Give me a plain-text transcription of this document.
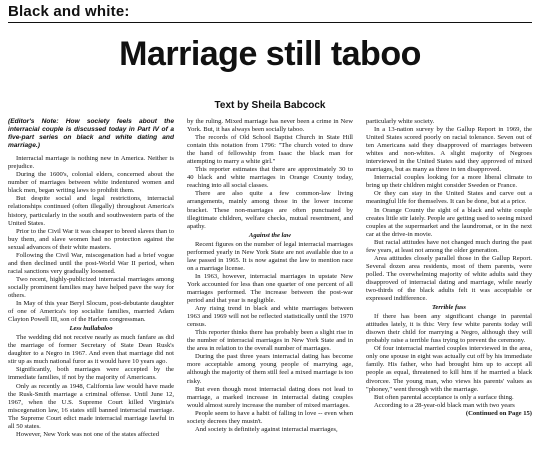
Black and white:
Marriage still taboo
Text by Sheila Babcock

(Editor's Note: How society feels about the interracial couple is discussed today in Part IV of a five-part series on black and white dating and marriage.)

Interracial marriage is nothing new in America. Neither is prejudice.

During the 1600's, colonial elders, concerned about the number of marriages between white indentured women and black men, began writing laws to prohibit them.

But despite social and legal restrictions, interracial relationships continued (often illegally) throughout America's history, particularly in the south and southwestern parts of the United States.

Prior to the Civil War it was cheaper to breed slaves than to buy them, and slave women had no protection against the sexual advances of their white masters.

Following the Civil War, miscegenation had a brief vogue and then declined until the post-World War II period, when racial sanctions very gradually loosened.

Two recent, highly-publicized interracial marriages among socially prominent families may have helped pave the way for others.

In May of this year Beryl Slocum, post-debutante daughter of one of America's top socialite families, married Adam Clayton Powell III, son of the Harlem congressman.

Less hullabaloo

The wedding did not receive nearly as much fanfare as did the marriage of former Secretary of State Dean Rusk's daughter to a Negro in 1967. And even that marriage did not stir up as much national furor as it would have 10 years ago.

Significantly, both marriages were accepted by the immediate families, if not by the majority of Americans.

Only as recently as 1948, California law would have made the Rusk-Smith marriage a criminal offense. Until June 12, 1967, when the U.S. Supreme Court killed Virginia's miscegenation law, 16 states still banned interracial marriage. The Supreme Court edict made interracial marriage lawful in all 50 states.

However, New York was not one of the states affected

by the ruling. Mixed marriage has never been a crime in New York. But, it has always been socially taboo.

The records of Old School Baptist Church in State Hill contain this notation from 1796: "The church voted to draw the hand of fellowship from Isaac the black man for attempting to marry a white girl."

This reporter estimates that there are approximately 30 to 40 black and white marriages in Orange County today, reaching into all social classes.

There are also quite a few common-law living arrangements, mainly among those in the lower income bracket. These non-marriages are often punctuated by illegitimate children, welfare checks, mutual resentment, and apathy.

Against the law

Recent figures on the number of legal interracial marriages performed yearly in New York State are not available due to a law passed in 1965. It is now against the law to mention race on a marriage license.

In 1963, however, interracial marriages in upstate New York accounted for less than one quarter of one percent of all marriages performed. The increase between the post-war period and that year is negligible.

Any rising trend in black and white marriages between 1963 and 1969 will not be reflected statistically until the 1970 census.

This reporter thinks there has probably been a slight rise in the number of interracial marriages in New York State and in the area in relation to the overall number of marriages.

During the past three years interracial dating has become more acceptable among young people of marrying age, although the majority of them still feel a mixed marriage is too risky.

But even though most interracial dating does not lead to marriage, a marked increase in interracial dating couples would almost surely increase the number of mixed marriages.

People seem to have a habit of falling in love -- even when society decrees they mustn't.

And society is definitely against interracial marriages,

particularly white society.

In a 13-nation survey by the Gallup Report in 1969, the United States scored poorly on racial tolerance. Seven out of ten Americans said they disapproved of marriages between whites and non-whites. A slight majority of Negroes interviewed in the United States said they approved of mixed marriages, but as many as three in ten disapproved.

Interracial couples looking for a more liberal climate to bring up their children might consider Sweden or France.

Or they can stay in the United States and carve out a meaningful life for themselves. It can be done, but at a price.

In Orange County the sight of a black and white couple creates little stir lately. People are getting used to seeing mixed couples at the supermarket and the laundromat, or in the next car at the drive-in movie.

But racial attitudes have not changed much during the past few years, at least not among the older generation.

Area attitudes closely parallel those in the Gallup Report. Several dozen area residents, most of them parents, were polled. The overwhelming majority of white adults said they disapproved of interracial dating and marriage, while nearly two-thirds of the black adults felt it was acceptable or expressed indifference.

Terrible fuss

If there has been any significant change in parental attitudes lately, it is this: Very few white parents today will disown their child for marrying a Negro, although they will probably raise a terrible fuss trying to prevent the ceremony.

Of four interracial married couples interviewed in the area, only one spouse in eight was actually cut off by his immediate family. His father, who had brought him up to accept all people as equal, threatened to kill him if he married a black divorcee. The young man, who views his parents' values as "phoney," went through with the marriage.

But often parental acceptance is only a surface thing.

According to a 28-year-old black man with two years

(Continued on Page 15)
